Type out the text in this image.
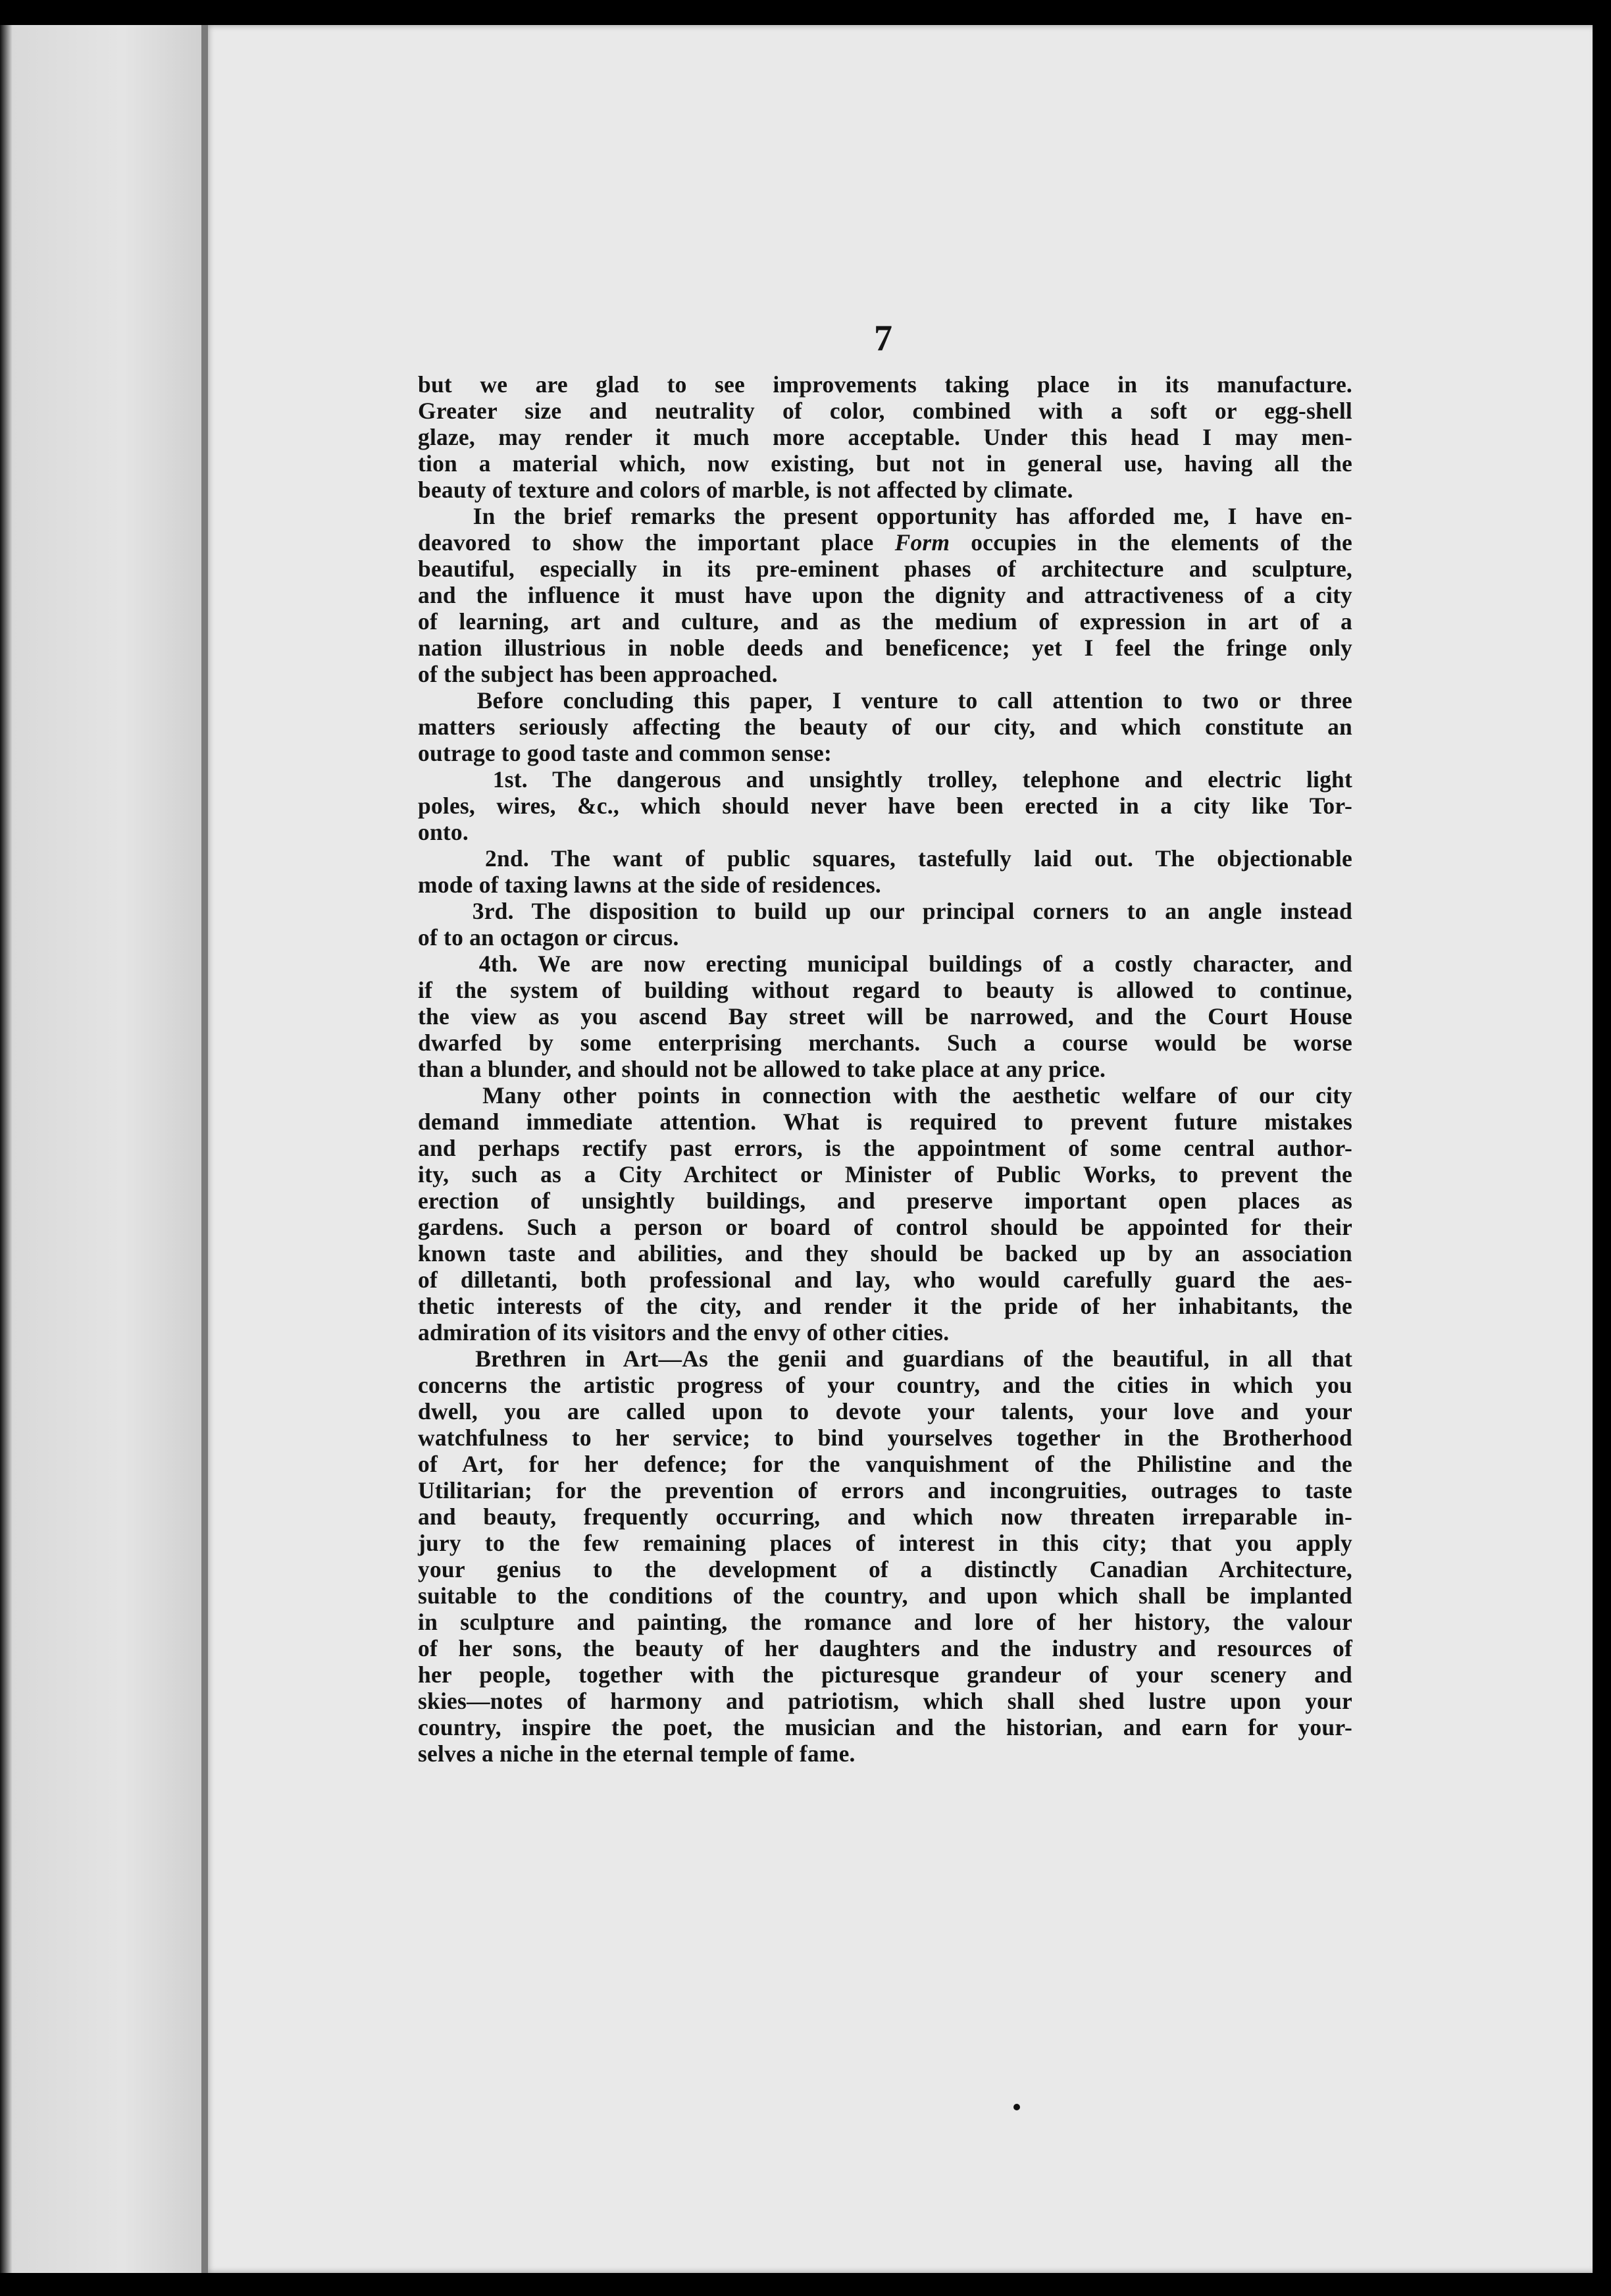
7

but we are glad to see improvements taking place in its manufacture.
Greater size and neutrality of color, combined with a soft or egg-shell
glaze, may render it much more acceptable. Under this head I may men-
tion a material which, now existing, but not in general use, having all the
beauty of texture and colors of marble, is not affected by climate.
In the brief remarks the present opportunity has afforded me, I have en-
deavored to show the important place Form occupies in the elements of the
beautiful, especially in its pre-eminent phases of architecture and sculpture,
and the influence it must have upon the dignity and attractiveness of a city
of learning, art and culture, and as the medium of expression in art of a
nation illustrious in noble deeds and beneficence; yet I feel the fringe only
of the subject has been approached.
Before concluding this paper, I venture to call attention to two or three
matters seriously affecting the beauty of our city, and which constitute an
outrage to good taste and common sense:
1st. The dangerous and unsightly trolley, telephone and electric light
poles, wires, &c., which should never have been erected in a city like Tor-
onto.
2nd. The want of public squares, tastefully laid out. The objectionable
mode of taxing lawns at the side of residences.
3rd. The disposition to build up our principal corners to an angle instead
of to an octagon or circus.
4th. We are now erecting municipal buildings of a costly character, and
if the system of building without regard to beauty is allowed to continue,
the view as you ascend Bay street will be narrowed, and the Court House
dwarfed by some enterprising merchants. Such a course would be worse
than a blunder, and should not be allowed to take place at any price.
Many other points in connection with the aesthetic welfare of our city
demand immediate attention. What is required to prevent future mistakes
and perhaps rectify past errors, is the appointment of some central author-
ity, such as a City Architect or Minister of Public Works, to prevent the
erection of unsightly buildings, and preserve important open places as
gardens. Such a person or board of control should be appointed for their
known taste and abilities, and they should be backed up by an association
of dilletanti, both professional and lay, who would carefully guard the aes-
thetic interests of the city, and render it the pride of her inhabitants, the
admiration of its visitors and the envy of other cities.
Brethren in Art—As the genii and guardians of the beautiful, in all that
concerns the artistic progress of your country, and the cities in which you
dwell, you are called upon to devote your talents, your love and your
watchfulness to her service; to bind yourselves together in the Brotherhood
of Art, for her defence; for the vanquishment of the Philistine and the
Utilitarian; for the prevention of errors and incongruities, outrages to taste
and beauty, frequently occurring, and which now threaten irreparable in-
jury to the few remaining places of interest in this city; that you apply
your genius to the development of a distinctly Canadian Architecture,
suitable to the conditions of the country, and upon which shall be implanted
in sculpture and painting, the romance and lore of her history, the valour
of her sons, the beauty of her daughters and the industry and resources of
her people, together with the picturesque grandeur of your scenery and
skies—notes of harmony and patriotism, which shall shed lustre upon your
country, inspire the poet, the musician and the historian, and earn for your-
selves a niche in the eternal temple of fame.
